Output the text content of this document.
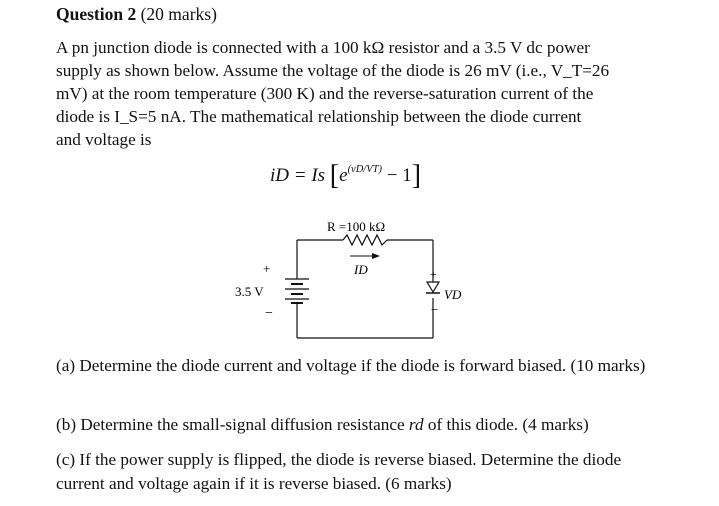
Question 2 (20 marks)
A pn junction diode is connected with a 100 kΩ resistor and a 3.5 V dc power
supply as shown below. Assume the voltage of the diode is 26 mV (i.e., V_T=26
mV) at the room temperature (300 K) and the reverse-saturation current of the
diode is I_S=5 nA. The mathematical relationship between the diode current
and voltage is
iD = Is $[e^{(vD/VT)} - 1]$
R =100 kΩ
ID
+
−
3.5 V
+
−
VD
(a) Determine the diode current and voltage if the diode is forward biased. (10 marks)
(b) Determine the small-signal diffusion resistance rd of this diode. (4 marks)
(c) If the power supply is flipped, the diode is reverse biased. Determine the diode current and voltage again if it is reverse biased. (6 marks)
